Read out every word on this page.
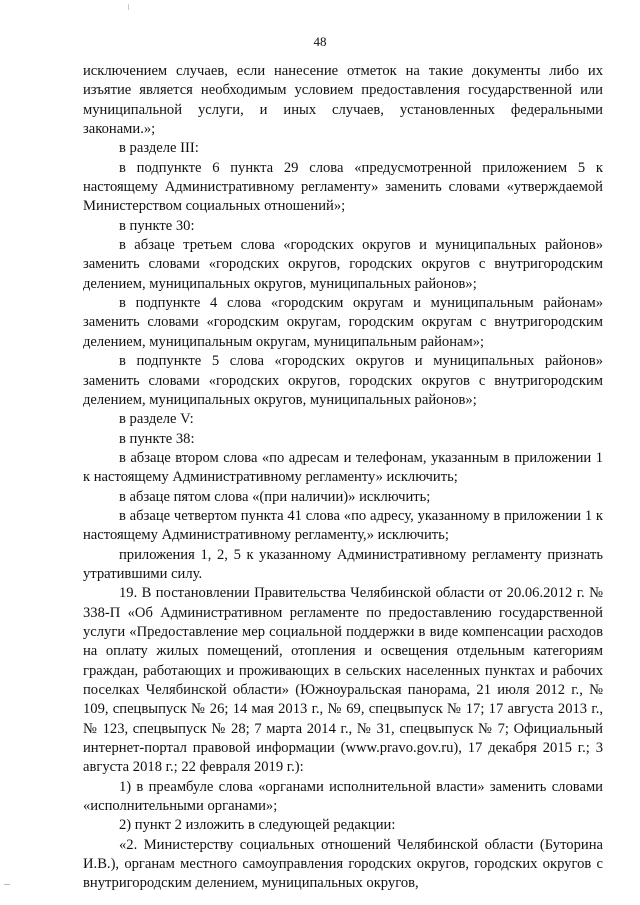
48

исключением случаев, если нанесение отметок на такие документы либо их изъятие является необходимым условием предоставления государственной или муниципальной услуги, и иных случаев, установленных федеральными законами.»;

в разделе III:

в подпункте 6 пункта 29 слова «предусмотренной приложением 5 к настоящему Административному регламенту» заменить словами «утверждаемой Министерством социальных отношений»;

в пункте 30:

в абзаце третьем слова «городских округов и муниципальных районов» заменить словами «городских округов, городских округов с внутригородским делением, муниципальных округов, муниципальных районов»;

в подпункте 4 слова «городским округам и муниципальным районам» заменить словами «городским округам, городским округам с внутригородским делением, муниципальным округам, муниципальным районам»;

в подпункте 5 слова «городских округов и муниципальных районов» заменить словами «городских округов, городских округов с внутригородским делением, муниципальных округов, муниципальных районов»;

в разделе V:

в пункте 38:

в абзаце втором слова «по адресам и телефонам, указанным в приложении 1 к настоящему Административному регламенту» исключить;

в абзаце пятом слова «(при наличии)» исключить;

в абзаце четвертом пункта 41 слова «по адресу, указанному в приложении 1 к настоящему Административному регламенту,» исключить;

приложения 1, 2, 5 к указанному Административному регламенту признать утратившими силу.

19. В постановлении Правительства Челябинской области от 20.06.2012 г. № 338-П «Об Административном регламенте по предоставлению государственной услуги «Предоставление мер социальной поддержки в виде компенсации расходов на оплату жилых помещений, отопления и освещения отдельным категориям граждан, работающих и проживающих в сельских населенных пунктах и рабочих поселках Челябинской области» (Южноуральская панорама, 21 июля 2012 г., № 109, спецвыпуск № 26; 14 мая 2013 г., № 69, спецвыпуск № 17; 17 августа 2013 г., № 123, спецвыпуск № 28; 7 марта 2014 г., № 31, спецвыпуск № 7; Официальный интернет-портал правовой информации (www.pravo.gov.ru), 17 декабря 2015 г.; 3 августа 2018 г.; 22 февраля 2019 г.):

1) в преамбуле слова «органами исполнительной власти» заменить словами «исполнительными органами»;

2) пункт 2 изложить в следующей редакции:

«2. Министерству социальных отношений Челябинской области (Буторина И.В.), органам местного самоуправления городских округов, городских округов с внутригородским делением, муниципальных округов,
